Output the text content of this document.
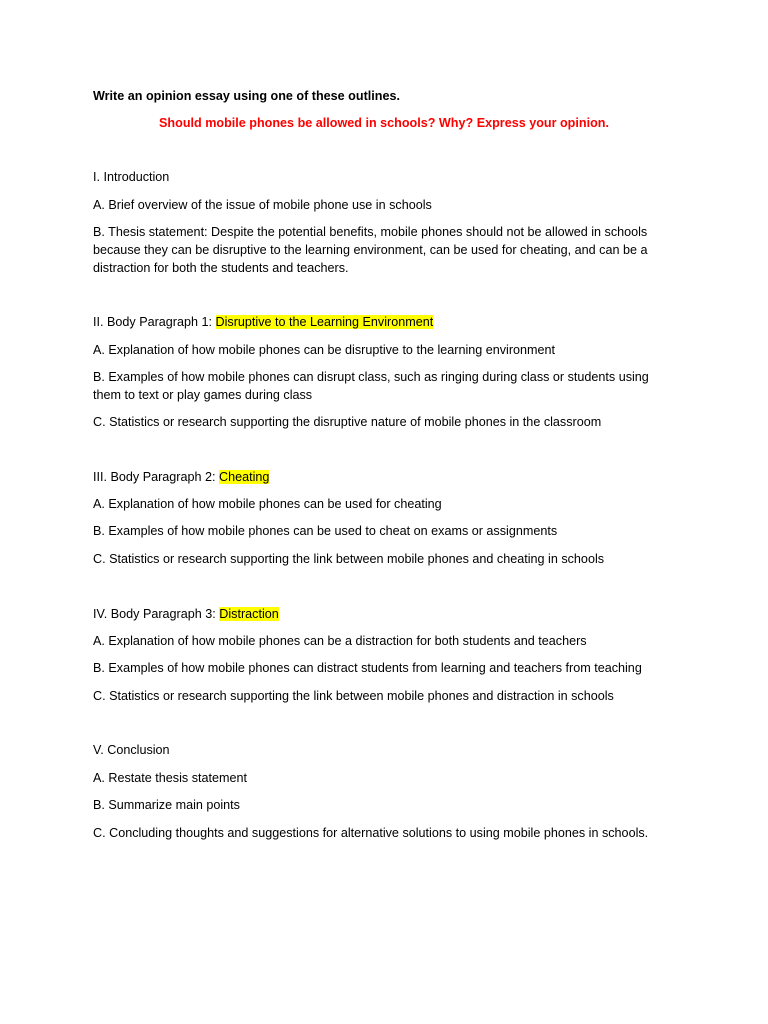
Write an opinion essay using one of these outlines.
Should mobile phones be allowed in schools? Why? Express your opinion.
I. Introduction
A. Brief overview of the issue of mobile phone use in schools
B. Thesis statement: Despite the potential benefits, mobile phones should not be allowed in schools because they can be disruptive to the learning environment, can be used for cheating, and can be a distraction for both the students and teachers.
II. Body Paragraph 1: Disruptive to the Learning Environment
A. Explanation of how mobile phones can be disruptive to the learning environment
B. Examples of how mobile phones can disrupt class, such as ringing during class or students using them to text or play games during class
C. Statistics or research supporting the disruptive nature of mobile phones in the classroom
III. Body Paragraph 2: Cheating
A. Explanation of how mobile phones can be used for cheating
B. Examples of how mobile phones can be used to cheat on exams or assignments
C. Statistics or research supporting the link between mobile phones and cheating in schools
IV. Body Paragraph 3: Distraction
A. Explanation of how mobile phones can be a distraction for both students and teachers
B. Examples of how mobile phones can distract students from learning and teachers from teaching
C. Statistics or research supporting the link between mobile phones and distraction in schools
V. Conclusion
A. Restate thesis statement
B. Summarize main points
C. Concluding thoughts and suggestions for alternative solutions to using mobile phones in schools.
